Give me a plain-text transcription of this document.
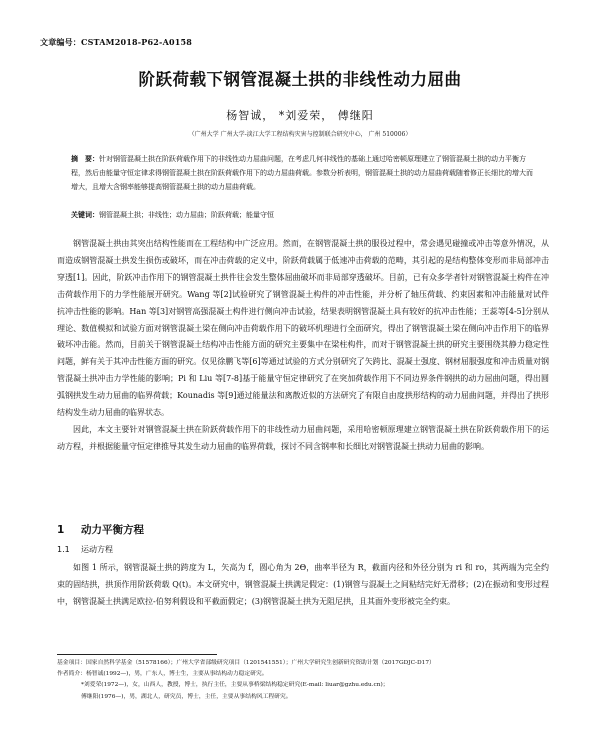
文章编号：CSTAM2018-P62-A0158
阶跃荷载下钢管混凝土拱的非线性动力屈曲
杨智诚， *刘爱荣， 傅继阳
（广州大学 广州大学-淡江大学工程结构灾害与控制联合研究中心， 广州 510006）
摘　要：针对钢管混凝土拱在阶跃荷载作用下的非线性动力屈曲问题，在考虑几何非线性的基础上通过哈密顿原理建立了钢管混凝土拱的动力平衡方程，然后由能量守恒定律求得钢管混凝土拱在阶跃荷载作用下的动力屈曲荷载。参数分析表明，钢管混凝土拱的动力屈曲荷载随着修正长细比的增大而增大，且增大含钢率能够提高钢管混凝土拱的动力屈曲荷载。
关键词：钢管混凝土拱；非线性；动力屈曲；阶跃荷载；能量守恒

钢管混凝土拱由其突出结构性能而在工程结构中广泛应用。然而，在钢管混凝土拱的服役过程中，常会遇见碰撞或冲击等意外情况，从而造成钢管混凝土拱发生损伤或破坏，而在冲击荷载的定义中，阶跃荷载属于低速冲击荷载的范畴，其引起的是结构整体变形而非局部冲击穿透[1]。因此，阶跃冲击作用下的钢管混凝土拱件往会发生整体屈曲破坏而非局部穿透破坏。目前，已有众多学者针对钢管混凝土构件在冲击荷载作用下的力学性能展开研究。Wang 等[2]试验研究了钢管混凝土构件的冲击性能，并分析了轴压荷载、约束因素和冲击能量对试件抗冲击性能的影响。Han 等[3]对钢管高强混凝土构件进行侧向冲击试验，结果表明钢管混凝土具有较好的抗冲击性能；王蕊等[4-5]分别从理论、数值模拟和试验方面对钢管混凝土梁在侧向冲击荷载作用下的破坏机理进行全面研究，得出了钢管混凝土梁在侧向冲击作用下的临界破坏冲击能。然而，目前关于钢管混凝土结构冲击性能方面的研究主要集中在梁柱构件，而对于钢管混凝土拱的研究主要围绕其静力稳定性问题，鲜有关于其冲击性能方面的研究。仅见徐鹏飞等[6]等通过试验的方式分别研究了矢跨比、混凝土强度、钢材屈服强度和冲击质量对钢管混凝土拱冲击力学性能的影响；Pi 和 Liu 等[7-8]基于能量守恒定律研究了在突加荷载作用下不同边界条件钢拱的动力屈曲问题，得出圆弧钢拱发生动力屈曲的临界荷载；Kounadis 等[9]通过能量法和离散近似的方法研究了有限自由度拱形结构的动力屈曲问题，并得出了拱形结构发生动力屈曲的临界状态。

因此，本文主要针对钢管混凝土拱在阶跃荷载作用下的非线性动力屈曲问题，采用哈密顿原理建立钢管混凝土拱在阶跃荷载作用下的运动方程，并根据能量守恒定律推导其发生动力屈曲的临界荷载，探讨不同含钢率和长细比对钢管混凝土拱动力屈曲的影响。

1 动力平衡方程
1.1 运动方程

如图 1 所示，钢管混凝土拱的跨度为 L，矢高为 f，圆心角为 2Θ，曲率半径为 R，截面内径和外径分别为 ri 和 ro，其两端为完全约束的固结拱，拱顶作用阶跃荷载 Q(t)。本文研究中，钢管混凝土拱满足假定：(1)钢管与混凝土之间粘结完好无滑移；(2)在振动和变形过程中，钢管混凝土拱满足欧拉-伯努利假设和平截面假定；(3)钢管混凝土拱为无阻尼拱，且其面外变形被完全约束。

基金项目：国家自然科学基金（51578166）；广州大学省部级研究项目（1201541551）；广州大学研究生创新研究资助计划（2017GDJC-D17）
作者简介：杨智诚(1992—)，男，广东人，博士生，主要从事结构动力稳定研究。
*刘爱荣(1972—)，女，山西人，教授，博士，执行主任，主要从事桥梁结构稳定研究(E-mail: liuar@gzhu.edu.cn)；
傅继阳(1976—)，男，湖北人，研究员，博士，主任，主要从事结构风工程研究。
